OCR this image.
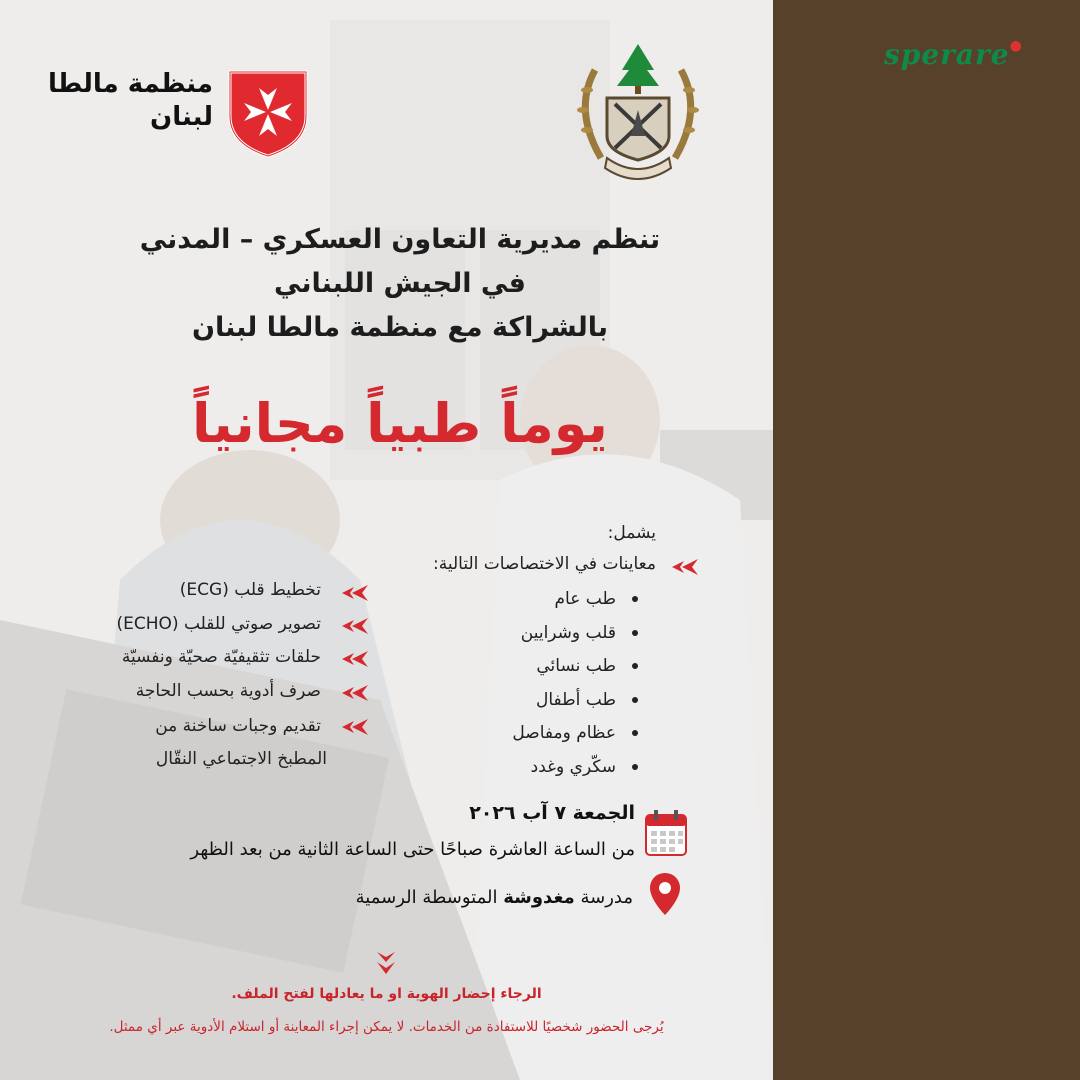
منظمة مالطا
لبنان
تنظم مديرية التعاون العسكري – المدني
في الجيش اللبناني
بالشراكة مع منظمة مالطا لبنان
يوماً طبياً مجانياً
يشمل:
معاينات في الاختصاصات التالية:
طب عام
قلب وشرايين
طب نسائي
طب أطفال
عظام ومفاصل
سكّري وغدد
تخطيط قلب (ECG)
تصوير صوتي للقلب (ECHO)
حلقات تثقيفيّة صحيّة ونفسيّة
صرف أدوية بحسب الحاجة
تقديم وجبات ساخنة من
المطبخ الاجتماعي النقّال
الجمعة ٧ آب ٢٠٢٦
من الساعة العاشرة صباحًا حتى الساعة الثانية من بعد الظهر
مدرسة مغدوشة المتوسطة الرسمية
الرجاء إحضار الهوية او ما يعادلها لفتح الملف.
يُرجى الحضور شخصيًا للاستفادة من الخدمات. لا يمكن إجراء المعاينة أو استلام الأدوية عبر أي ممثل.
sperare●
